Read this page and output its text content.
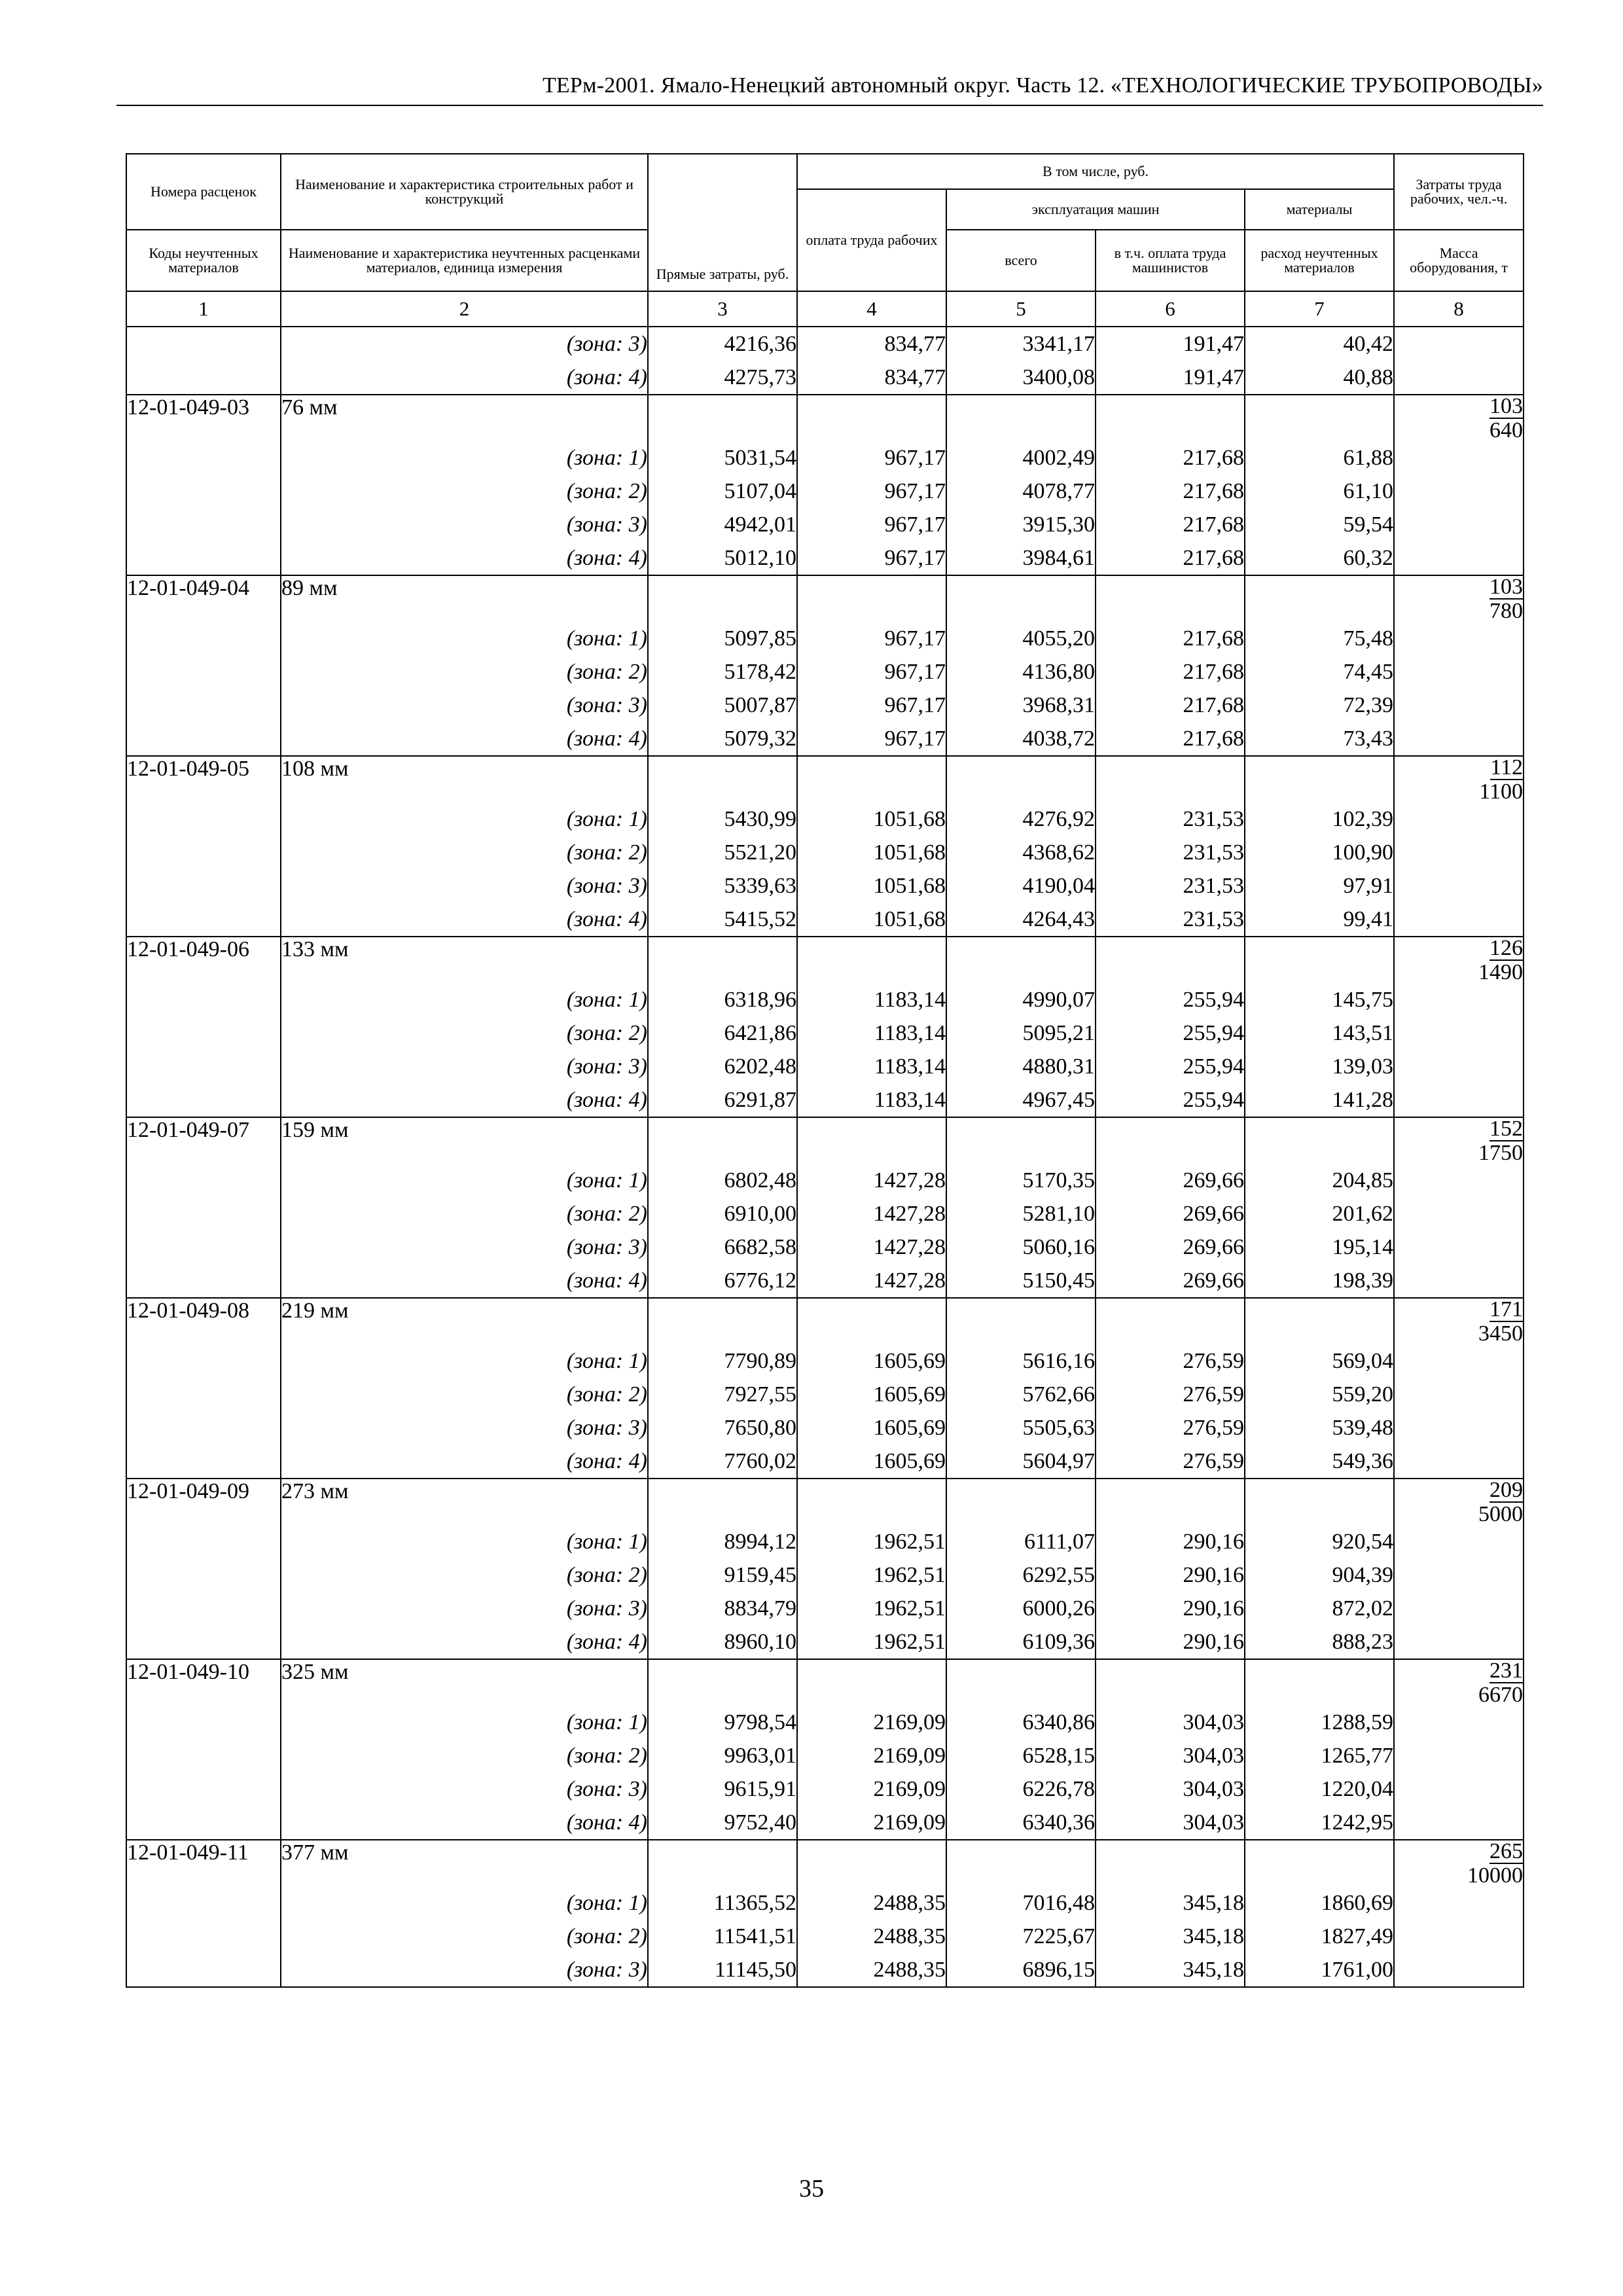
ТЕРм-2001. Ямало-Ненецкий автономный округ. Часть 12. «ТЕХНОЛОГИЧЕСКИЕ ТРУБОПРОВОДЫ»
Номера расценок	Наименование и характеристика строительных работ и конструкций	Прямые затраты, руб.	В том числе, руб.				Затраты труда рабочих, чел.-ч.
			оплата труда рабочих	эксплуатация машин		материалы	
Коды неучтенных материалов	Наименование и характеристика неучтенных расценками материалов, единица измерения			всего	в т.ч. оплата труда машинистов	расход неучтенных материалов	Масса оборудования, т
1	2	3	4	5	6	7	8
	(зона: 3)	4216,36	834,77	3341,17	191,47	40,42	
	(зона: 4)	4275,73	834,77	3400,08	191,47	40,88	
12-01-049-03	76 мм						103
640

	(зона: 1)	5031,54	967,17	4002,49	217,68	61,88	
	(зона: 2)	5107,04	967,17	4078,77	217,68	61,10	
	(зона: 3)	4942,01	967,17	3915,30	217,68	59,54	
	(зона: 4)	5012,10	967,17	3984,61	217,68	60,32	
12-01-049-04	89 мм						103
780

	(зона: 1)	5097,85	967,17	4055,20	217,68	75,48	
	(зона: 2)	5178,42	967,17	4136,80	217,68	74,45	
	(зона: 3)	5007,87	967,17	3968,31	217,68	72,39	
	(зона: 4)	5079,32	967,17	4038,72	217,68	73,43	
12-01-049-05	108 мм						112
1100

	(зона: 1)	5430,99	1051,68	4276,92	231,53	102,39	
	(зона: 2)	5521,20	1051,68	4368,62	231,53	100,90	
	(зона: 3)	5339,63	1051,68	4190,04	231,53	97,91	
	(зона: 4)	5415,52	1051,68	4264,43	231,53	99,41	
12-01-049-06	133 мм						126
1490

	(зона: 1)	6318,96	1183,14	4990,07	255,94	145,75	
	(зона: 2)	6421,86	1183,14	5095,21	255,94	143,51	
	(зона: 3)	6202,48	1183,14	4880,31	255,94	139,03	
	(зона: 4)	6291,87	1183,14	4967,45	255,94	141,28	
12-01-049-07	159 мм						152
1750

	(зона: 1)	6802,48	1427,28	5170,35	269,66	204,85	
	(зона: 2)	6910,00	1427,28	5281,10	269,66	201,62	
	(зона: 3)	6682,58	1427,28	5060,16	269,66	195,14	
	(зона: 4)	6776,12	1427,28	5150,45	269,66	198,39	
12-01-049-08	219 мм						171
3450

	(зона: 1)	7790,89	1605,69	5616,16	276,59	569,04	
	(зона: 2)	7927,55	1605,69	5762,66	276,59	559,20	
	(зона: 3)	7650,80	1605,69	5505,63	276,59	539,48	
	(зона: 4)	7760,02	1605,69	5604,97	276,59	549,36	
12-01-049-09	273 мм						209
5000

	(зона: 1)	8994,12	1962,51	6111,07	290,16	920,54	
	(зона: 2)	9159,45	1962,51	6292,55	290,16	904,39	
	(зона: 3)	8834,79	1962,51	6000,26	290,16	872,02	
	(зона: 4)	8960,10	1962,51	6109,36	290,16	888,23	
12-01-049-10	325 мм						231
6670

	(зона: 1)	9798,54	2169,09	6340,86	304,03	1288,59	
	(зона: 2)	9963,01	2169,09	6528,15	304,03	1265,77	
	(зона: 3)	9615,91	2169,09	6226,78	304,03	1220,04	
	(зона: 4)	9752,40	2169,09	6340,36	304,03	1242,95	
12-01-049-11	377 мм						265
10000

	(зона: 1)	11365,52	2488,35	7016,48	345,18	1860,69	
	(зона: 2)	11541,51	2488,35	7225,67	345,18	1827,49	
	(зона: 3)	11145,50	2488,35	6896,15	345,18	1761,00	

35
